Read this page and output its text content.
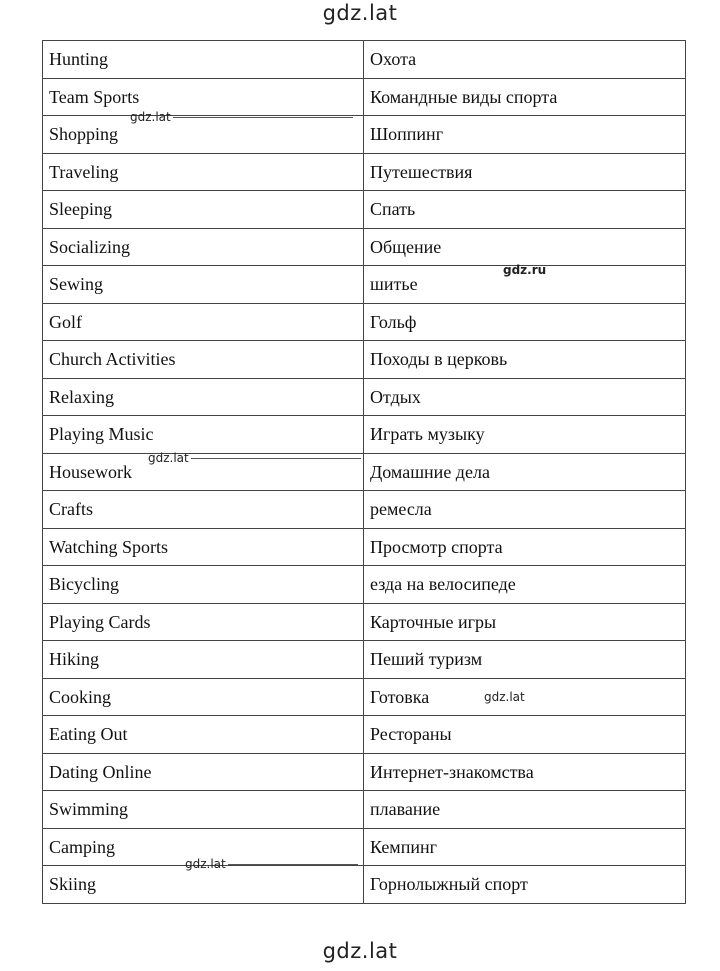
gdz.lat
Hunting	Охота
Team Sports	Командные виды спорта
Shopping	Шоппинг
Traveling	Путешествия
Sleeping	Спать
Socializing	Общение
Sewing	шитье
Golf	Гольф
Church Activities	Походы в церковь
Relaxing	Отдых
Playing Music	Играть музыку
Housework	Домашние дела
Crafts	ремесла
Watching Sports	Просмотр спорта
Bicycling	езда на велосипеде
Playing Cards	Карточные игры
Hiking	Пеший туризм
Cooking	Готовка
Eating Out	Рестораны
Dating Online	Интернет-знакомства
Swimming	плавание
Camping	Кемпинг
Skiing	Горнолыжный спорт
gdz.lat
gdz.ru
gdz.lat
gdz.lat
gdz.lat
gdz.lat
